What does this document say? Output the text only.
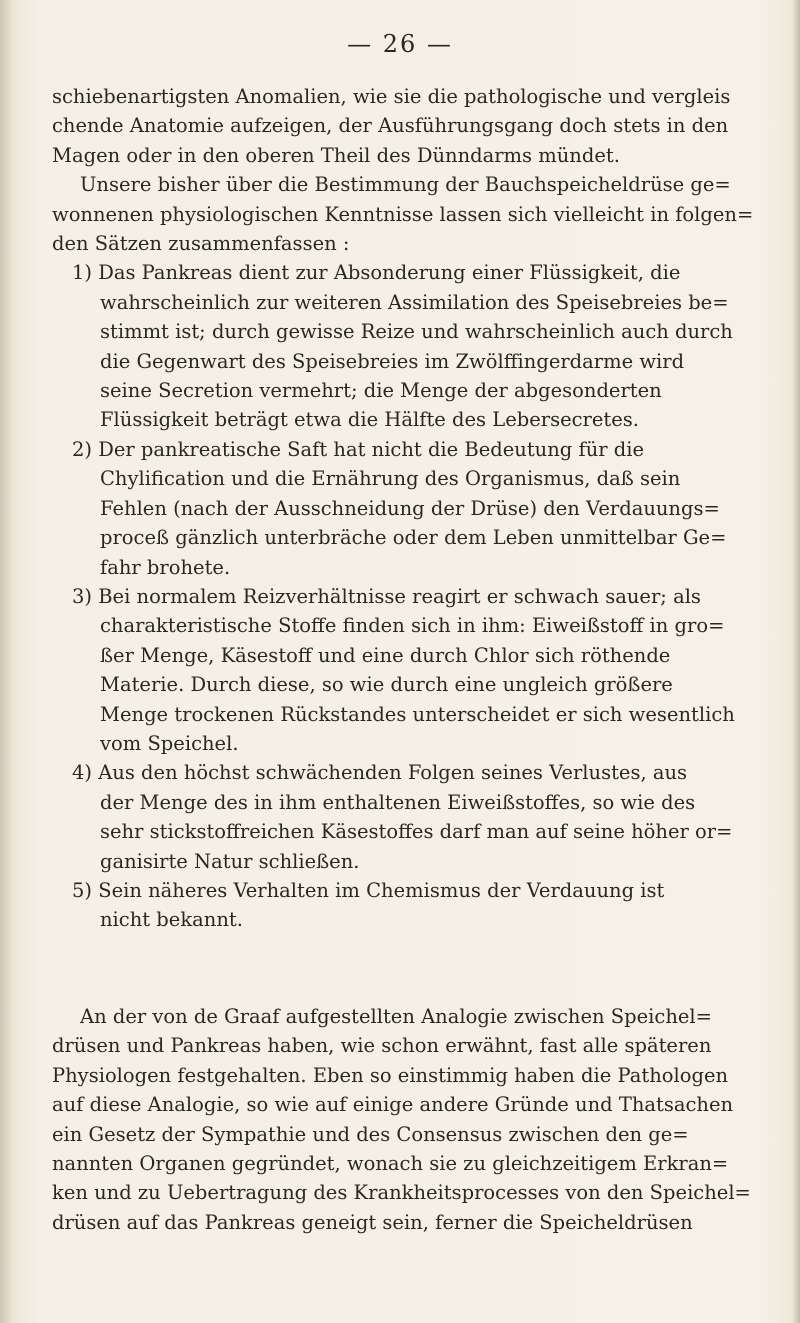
— 26 —

schiebenartigsten Anomalien, wie sie die pathologische und vergleis
chende Anatomie aufzeigen, der Ausführungsgang doch stets in den
Magen oder in den oberen Theil des Dünndarms mündet.
Unsere bisher über die Bestimmung der Bauchspeicheldrüse ge=
wonnenen physiologischen Kenntnisse lassen sich vielleicht in folgen=
den Sätzen zusammenfassen :

1) Das Pankreas dient zur Absonderung einer Flüssigkeit, die
wahrscheinlich zur weiteren Assimilation des Speisebreies be=
stimmt ist; durch gewisse Reize und wahrscheinlich auch durch
die Gegenwart des Speisebreies im Zwölffingerdarme wird
seine Secretion vermehrt; die Menge der abgesonderten
Flüssigkeit beträgt etwa die Hälfte des Lebersecretes.

2) Der pankreatische Saft hat nicht die Bedeutung für die
Chylification und die Ernährung des Organismus, daß sein
Fehlen (nach der Ausschneidung der Drüse) den Verdauungs=
proceß gänzlich unterbräche oder dem Leben unmittelbar Ge=
fahr brohete.

3) Bei normalem Reizverhältnisse reagirt er schwach sauer; als
charakteristische Stoffe finden sich in ihm: Eiweißstoff in gro=
ßer Menge, Käsestoff und eine durch Chlor sich röthende
Materie. Durch diese, so wie durch eine ungleich größere
Menge trockenen Rückstandes unterscheidet er sich wesentlich
vom Speichel.

4) Aus den höchst schwächenden Folgen seines Verlustes, aus
der Menge des in ihm enthaltenen Eiweißstoffes, so wie des
sehr stickstoffreichen Käsestoffes darf man auf seine höher or=
ganisirte Natur schließen.

5) Sein näheres Verhalten im Chemismus der Verdauung ist
nicht bekannt.

An der von de Graaf aufgestellten Analogie zwischen Speichel=
drüsen und Pankreas haben, wie schon erwähnt, fast alle späteren
Physiologen festgehalten. Eben so einstimmig haben die Pathologen
auf diese Analogie, so wie auf einige andere Gründe und Thatsachen
ein Gesetz der Sympathie und des Consensus zwischen den ge=
nannten Organen gegründet, wonach sie zu gleichzeitigem Erkran=
ken und zu Uebertragung des Krankheitsprocesses von den Speichel=
drüsen auf das Pankreas geneigt sein, ferner die Speicheldrüsen
